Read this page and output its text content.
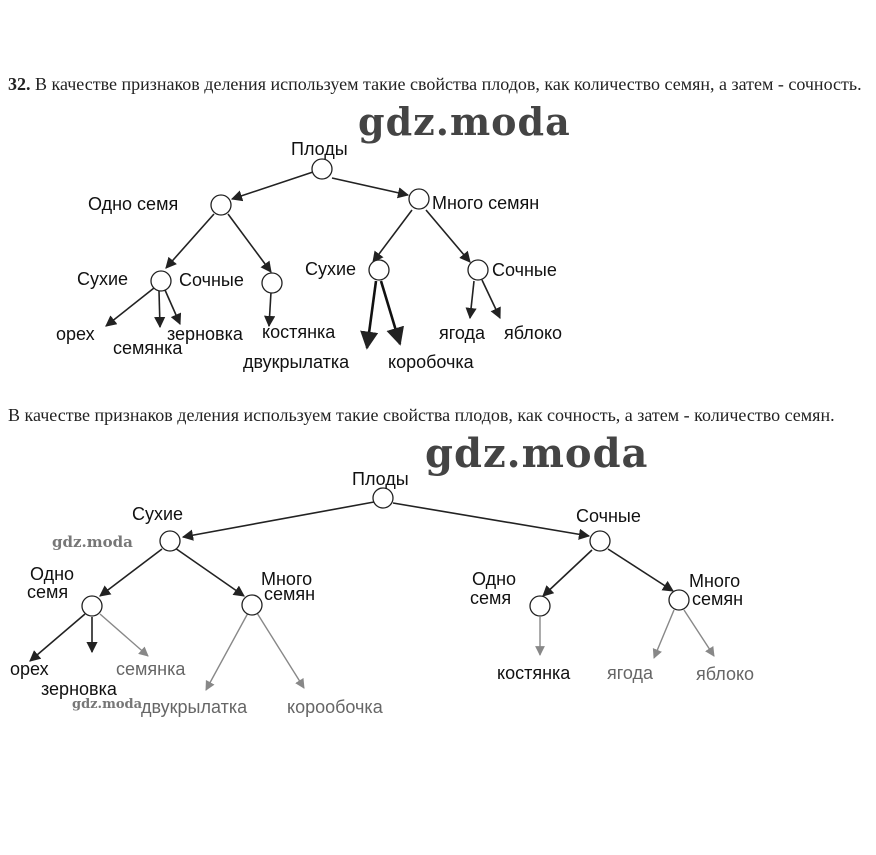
32. В качестве признаков деления используем такие свойства плодов, как количество семян, а затем - сочность.
В качестве признаков деления используем такие свойства плодов, как сочность, а затем - количество семян.
gdz.moda
gdz.moda
gdz.moda
gdz.moda
Плоды
Одно семя	Много семян
Сухие	Сочные
Сухие	Сочные
орех
семянка
зерновка костянка
двукрылатка коробочка
ягода яблоко
Плоды
Сухие	Сочные
Одно
семя
Много
семян
Одно
семя
Много
семян
орех
зерновка
семянка
двукрылатка корообочка
костянка ягода яблоко
